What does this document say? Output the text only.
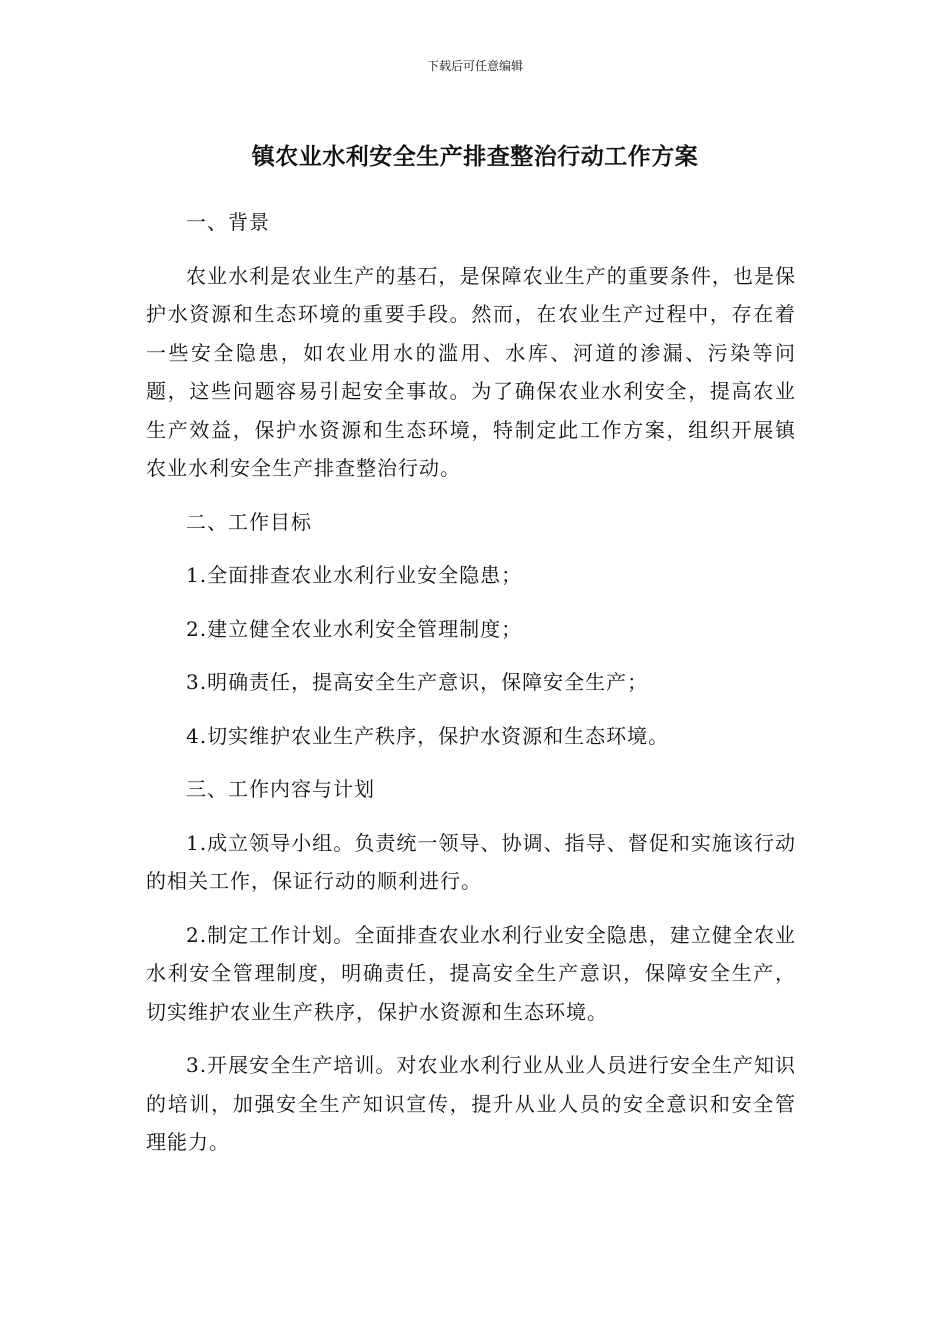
下载后可任意编辑
镇农业水利安全生产排查整治行动工作方案

一、背景

农业水利是农业生产的基石，是保障农业生产的重要条件，也是保护水资源和生态环境的重要手段。然而，在农业生产过程中，存在着一些安全隐患，如农业用水的滥用、水库、河道的渗漏、污染等问题，这些问题容易引起安全事故。为了确保农业水利安全，提高农业生产效益，保护水资源和生态环境，特制定此工作方案，组织开展镇农业水利安全生产排查整治行动。

二、工作目标

1.全面排查农业水利行业安全隐患；

2.建立健全农业水利安全管理制度；

3.明确责任，提高安全生产意识，保障安全生产；

4.切实维护农业生产秩序，保护水资源和生态环境。

三、工作内容与计划

1.成立领导小组。负责统一领导、协调、指导、督促和实施该行动的相关工作，保证行动的顺利进行。

2.制定工作计划。全面排查农业水利行业安全隐患，建立健全农业水利安全管理制度，明确责任，提高安全生产意识，保障安全生产，切实维护农业生产秩序，保护水资源和生态环境。

3.开展安全生产培训。对农业水利行业从业人员进行安全生产知识的培训，加强安全生产知识宣传，提升从业人员的安全意识和安全管理能力。
